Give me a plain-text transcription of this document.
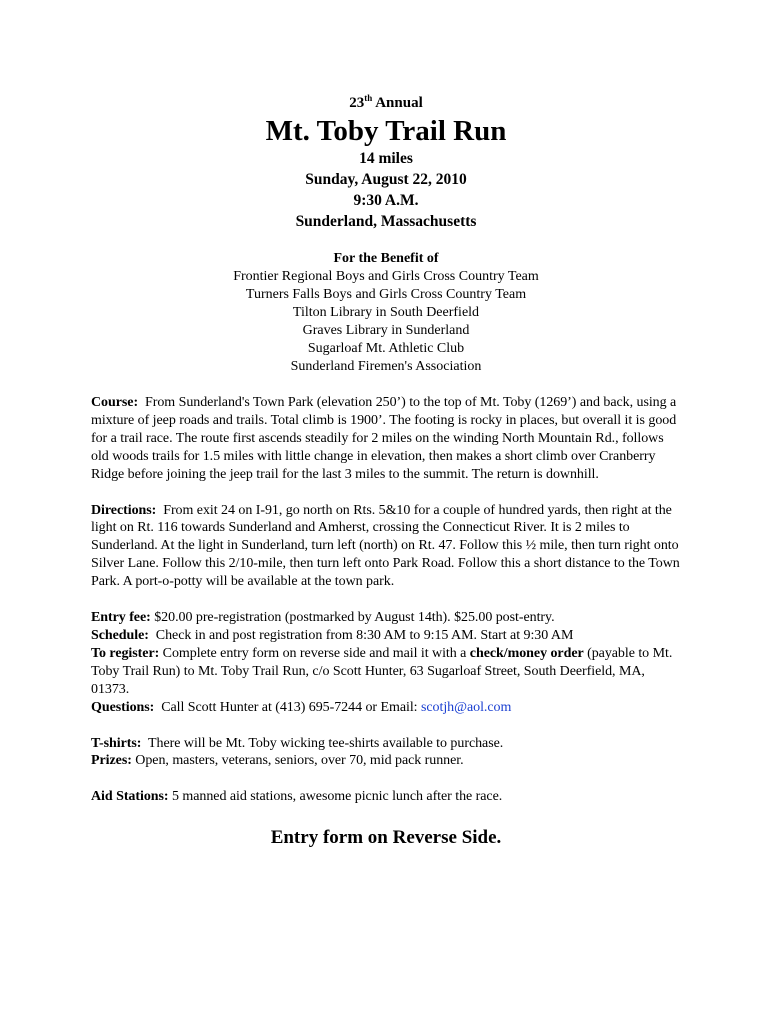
23th Annual
Mt. Toby Trail Run
14 miles
Sunday, August 22, 2010
9:30 A.M.
Sunderland, Massachusetts
For the Benefit of
Frontier Regional Boys and Girls Cross Country Team
Turners Falls Boys and Girls Cross Country Team
Tilton Library in South Deerfield
Graves Library in Sunderland
Sugarloaf Mt. Athletic Club
Sunderland Firemen's Association
Course: From Sunderland's Town Park (elevation 250’) to the top of Mt. Toby (1269’) and back, using a mixture of jeep roads and trails. Total climb is 1900’. The footing is rocky in places, but overall it is good for a trail race. The route first ascends steadily for 2 miles on the winding North Mountain Rd., follows old woods trails for 1.5 miles with little change in elevation, then makes a short climb over Cranberry Ridge before joining the jeep trail for the last 3 miles to the summit. The return is downhill.
Directions: From exit 24 on I-91, go north on Rts. 5&10 for a couple of hundred yards, then right at the light on Rt. 116 towards Sunderland and Amherst, crossing the Connecticut River. It is 2 miles to Sunderland. At the light in Sunderland, turn left (north) on Rt. 47. Follow this ½ mile, then turn right onto Silver Lane. Follow this 2/10-mile, then turn left onto Park Road. Follow this a short distance to the Town Park. A port-o-potty will be available at the town park.
Entry fee: $20.00 pre-registration (postmarked by August 14th). $25.00 post-entry.
Schedule: Check in and post registration from 8:30 AM to 9:15 AM. Start at 9:30 AM
To register: Complete entry form on reverse side and mail it with a check/money order (payable to Mt. Toby Trail Run) to Mt. Toby Trail Run, c/o Scott Hunter, 63 Sugarloaf Street, South Deerfield, MA, 01373.
Questions: Call Scott Hunter at (413) 695-7244 or Email: scotjh@aol.com
T-shirts: There will be Mt. Toby wicking tee-shirts available to purchase.
Prizes: Open, masters, veterans, seniors, over 70, mid pack runner.
Aid Stations: 5 manned aid stations, awesome picnic lunch after the race.
Entry form on Reverse Side.
